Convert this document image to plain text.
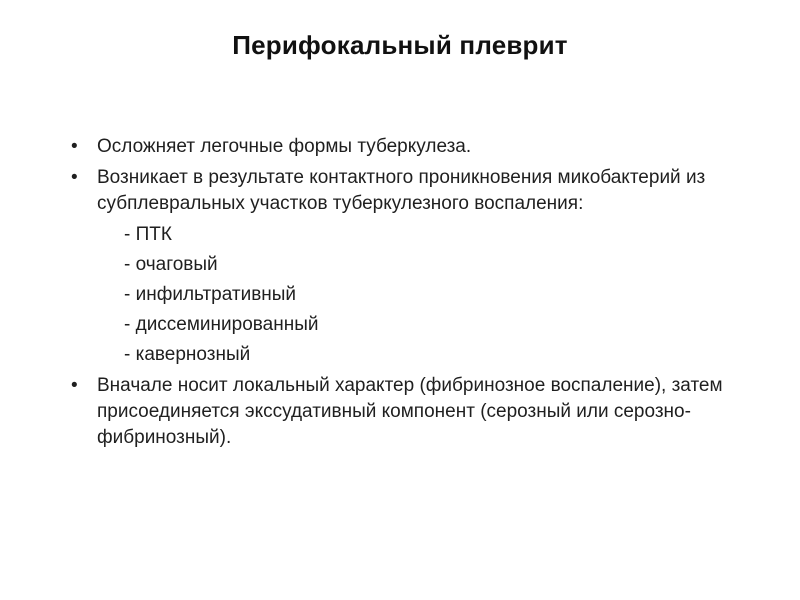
Перифокальный плеврит
• Осложняет легочные формы туберкулеза.
• Возникает в результате контактного проникновения микобактерий из субплевральных участков туберкулезного воспаления:
- ПТК
- очаговый
- инфильтративный
- диссеминированный
- кавернозный
• Вначале носит локальный характер (фибринозное воспаление), затем присоединяется экссудативный компонент (серозный или серозно-фибринозный).
